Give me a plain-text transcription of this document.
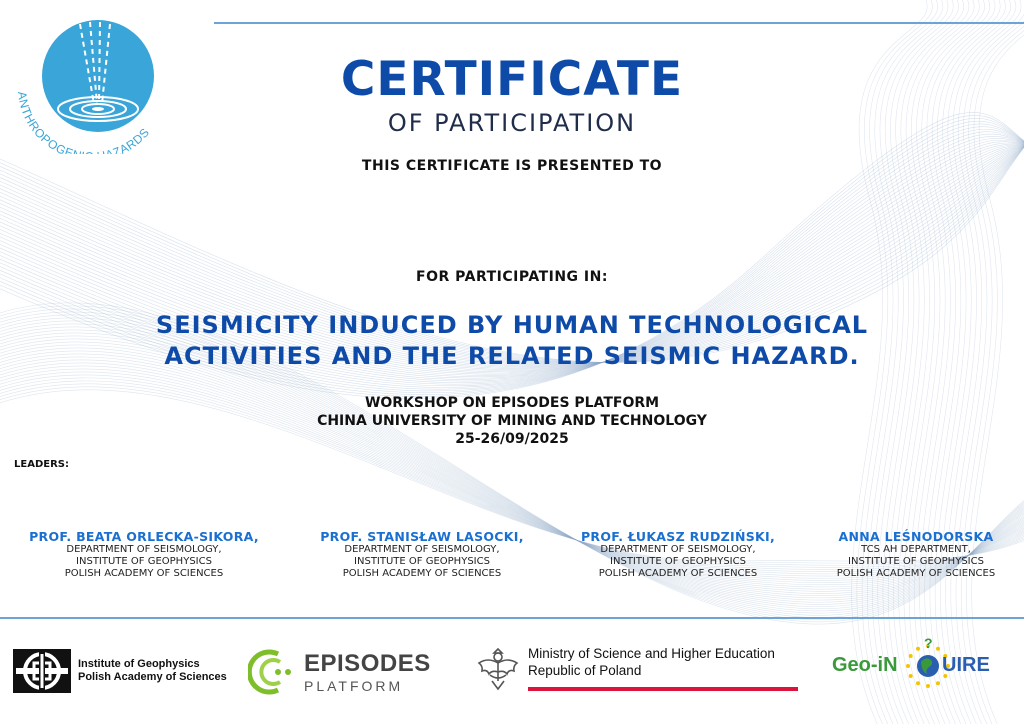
ANTHROPOGE ZARDS
CERTIFICATE
OF PARTICIPATION
THIS CERTIFICATE IS PRESENTED TO
FOR PARTICIPATING IN:
SEISMICITY INDUCED BY HUMAN TECHNOLOGICAL
ACTIVITIES AND THE RELATED SEISMIC HAZARD.
WORKSHOP ON EPISODES PLATFORM
CHINA UNIVERSITY OF MINING AND TECHNOLOGY
25-26/09/2025
LEADERS:
PROF. BEATA ORLECKA-SIKORA,
DEPARTMENT OF SEISMOLOGY,
INSTITUTE OF GEOPHYSICS
POLISH ACADEMY OF SCIENCES
PROF. STANISŁAW LASOCKI,
DEPARTMENT OF SEISMOLOGY,
INSTITUTE OF GEOPHYSICS
POLISH ACADEMY OF SCIENCES
PROF. ŁUKASZ RUDZIŃSKI,
DEPARTMENT OF SEISMOLOGY,
INSTITUTE OF GEOPHYSICS
POLISH ACADEMY OF SCIENCES
ANNA LEŚNODORSKA
TCS AH DEPARTMENT,
INSTITUTE OF GEOPHYSICS
POLISH ACADEMY OF SCIENCES
Institute of Geophysics
Polish Academy of Sciences	EPISODES
PLATFORM
Ministry of Science and Higher Education
Republic of Poland
?
Geo-iN UIRE
